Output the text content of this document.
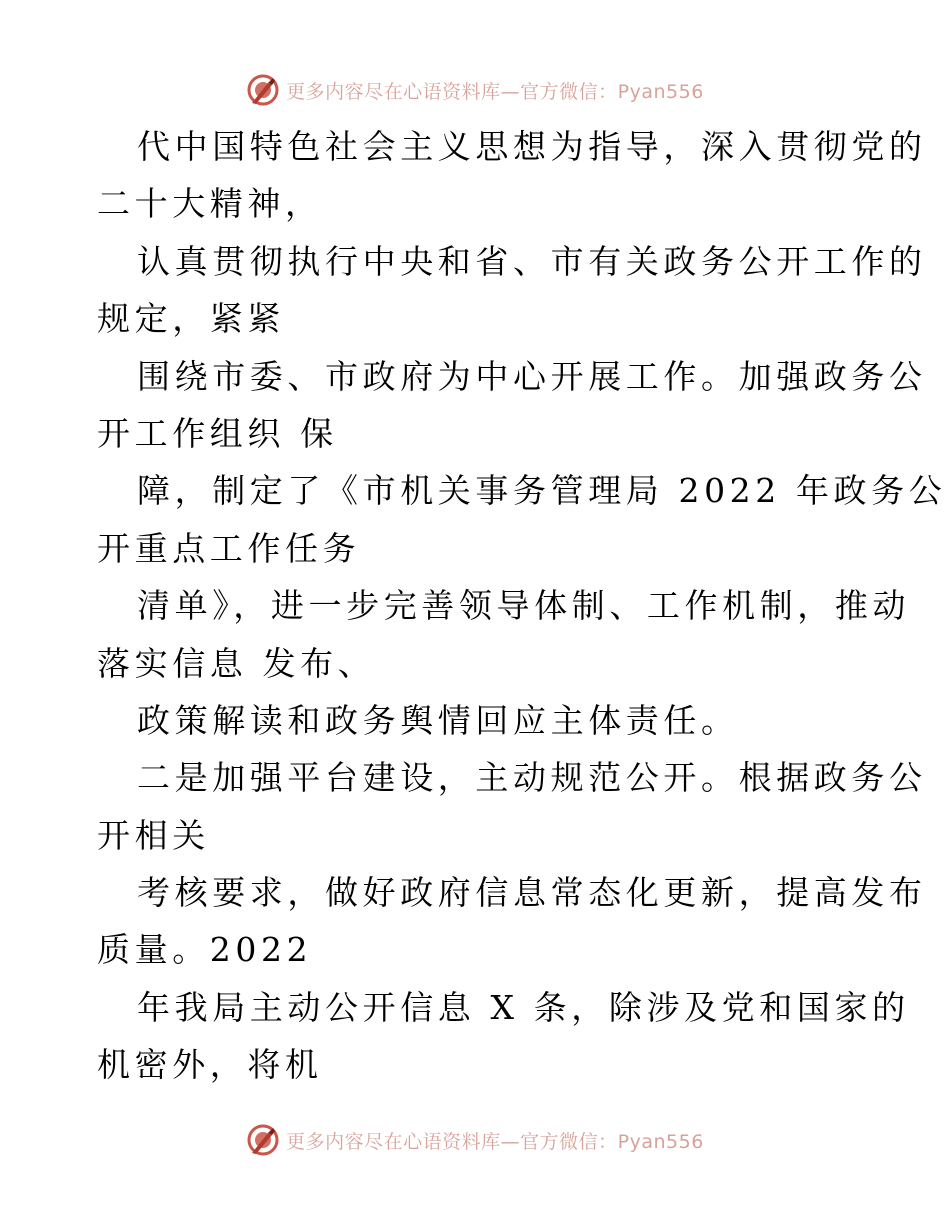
更多内容尽在心语资料库—官方微信：Pyan556
代中国特色社会主义思想为指导，深入贯彻党的
二十大精神，
认真贯彻执行中央和省、市有关政务公开工作的
规定，紧紧
围绕市委、市政府为中心开展工作。加强政务公
开工作组织 保
障，制定了《市机关事务管理局 2022 年政务公
开重点工作任务
清单》，进一步完善领导体制、工作机制，推动
落实信息 发布、
政策解读和政务舆情回应主体责任。
二是加强平台建设，主动规范公开。根据政务公
开相关
考核要求，做好政府信息常态化更新，提高发布
质量。2022
年我局主动公开信息 X 条，除涉及党和国家的
机密外，将机
更多内容尽在心语资料库—官方微信：Pyan556
